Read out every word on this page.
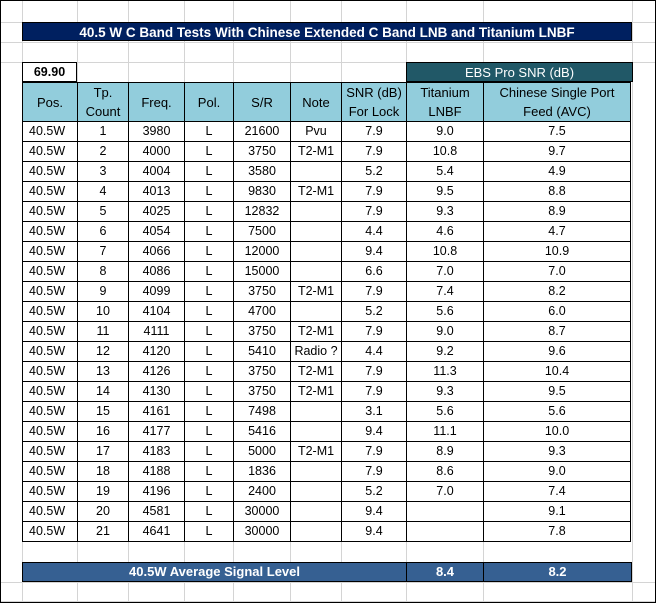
40.5 W C Band Tests With Chinese Extended C Band LNB and Titanium LNBF
69.90	EBS Pro SNR (dB)
Pos.	Tp. Count	Freq.	Pol.	S/R	Note	SNR (dB) For Lock	Titanium LNBF	Chinese Single Port Feed (AVC)
40.5W	1	3980	L	21600	Pvu	7.9	9.0	7.5
40.5W	2	4000	L	3750	T2-M1	7.9	10.8	9.7
40.5W	3	4004	L	3580		5.2	5.4	4.9
40.5W	4	4013	L	9830	T2-M1	7.9	9.5	8.8
40.5W	5	4025	L	12832		7.9	9.3	8.9
40.5W	6	4054	L	7500		4.4	4.6	4.7
40.5W	7	4066	L	12000		9.4	10.8	10.9
40.5W	8	4086	L	15000		6.6	7.0	7.0
40.5W	9	4099	L	3750	T2-M1	7.9	7.4	8.2
40.5W	10	4104	L	4700		5.2	5.6	6.0
40.5W	11	4111	L	3750	T2-M1	7.9	9.0	8.7
40.5W	12	4120	L	5410	Radio ?	4.4	9.2	9.6
40.5W	13	4126	L	3750	T2-M1	7.9	11.3	10.4
40.5W	14	4130	L	3750	T2-M1	7.9	9.3	9.5
40.5W	15	4161	L	7498		3.1	5.6	5.6
40.5W	16	4177	L	5416		9.4	11.1	10.0
40.5W	17	4183	L	5000	T2-M1	7.9	8.9	9.3
40.5W	18	4188	L	1836		7.9	8.6	9.0
40.5W	19	4196	L	2400		5.2	7.0	7.4
40.5W	20	4581	L	30000		9.4		9.1
40.5W	21	4641	L	30000		9.4		7.8
40.5W Average Signal Level	8.4	8.2
